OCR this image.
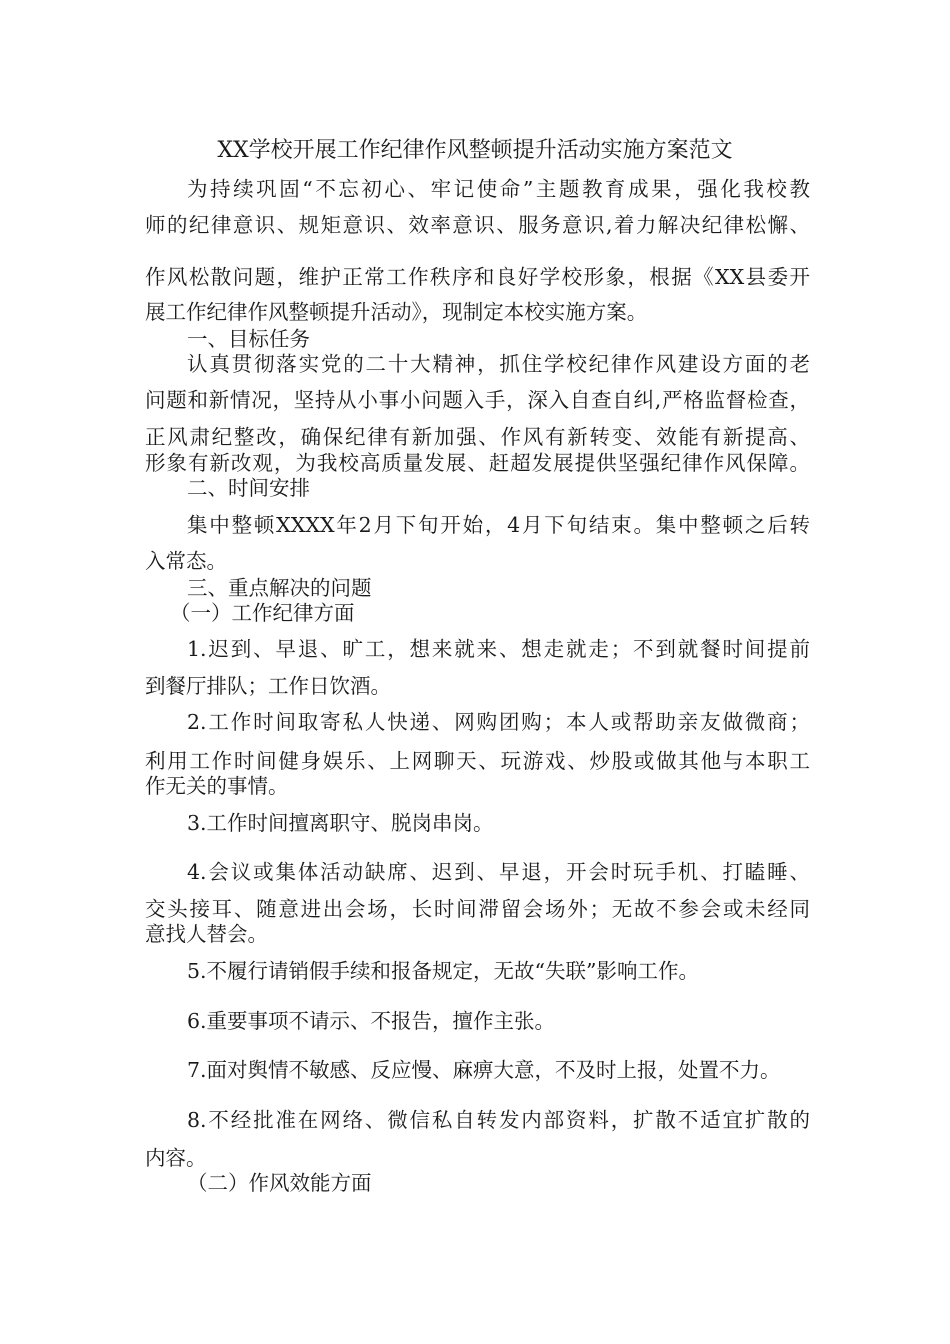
XX学校开展工作纪律作风整顿提升活动实施方案范文
为持续巩固“不忘初心、牢记使命”主题教育成果，强化我校教
师的纪律意识、规矩意识、效率意识、服务意识,着力解决纪律松懈、
作风松散问题，维护正常工作秩序和良好学校形象，根据《XX县委开
展工作纪律作风整顿提升活动》，现制定本校实施方案。
一、目标任务
认真贯彻落实党的二十大精神，抓住学校纪律作风建设方面的老
问题和新情况，坚持从小事小问题入手，深入自查自纠,严格监督检查，
正风肃纪整改，确保纪律有新加强、作风有新转变、效能有新提高、
形象有新改观，为我校高质量发展、赶超发展提供坚强纪律作风保障。
二、时间安排
集中整顿XXXX年2月下旬开始，4月下旬结束。集中整顿之后转
入常态。
三、重点解决的问题
（一）工作纪律方面
1.迟到、早退、旷工，想来就来、想走就走；不到就餐时间提前
到餐厅排队；工作日饮酒。
2.工作时间取寄私人快递、网购团购；本人或帮助亲友做微商；
利用工作时间健身娱乐、上网聊天、玩游戏、炒股或做其他与本职工
作无关的事情。
3.工作时间擅离职守、脱岗串岗。
4.会议或集体活动缺席、迟到、早退，开会时玩手机、打瞌睡、
交头接耳、随意进出会场，长时间滞留会场外；无故不参会或未经同
意找人替会。
5.不履行请销假手续和报备规定，无故“失联”影响工作。
6.重要事项不请示、不报告，擅作主张。
7.面对舆情不敏感、反应慢、麻痹大意，不及时上报，处置不力。
8.不经批准在网络、微信私自转发内部资料，扩散不适宜扩散的
内容。
（二）作风效能方面
